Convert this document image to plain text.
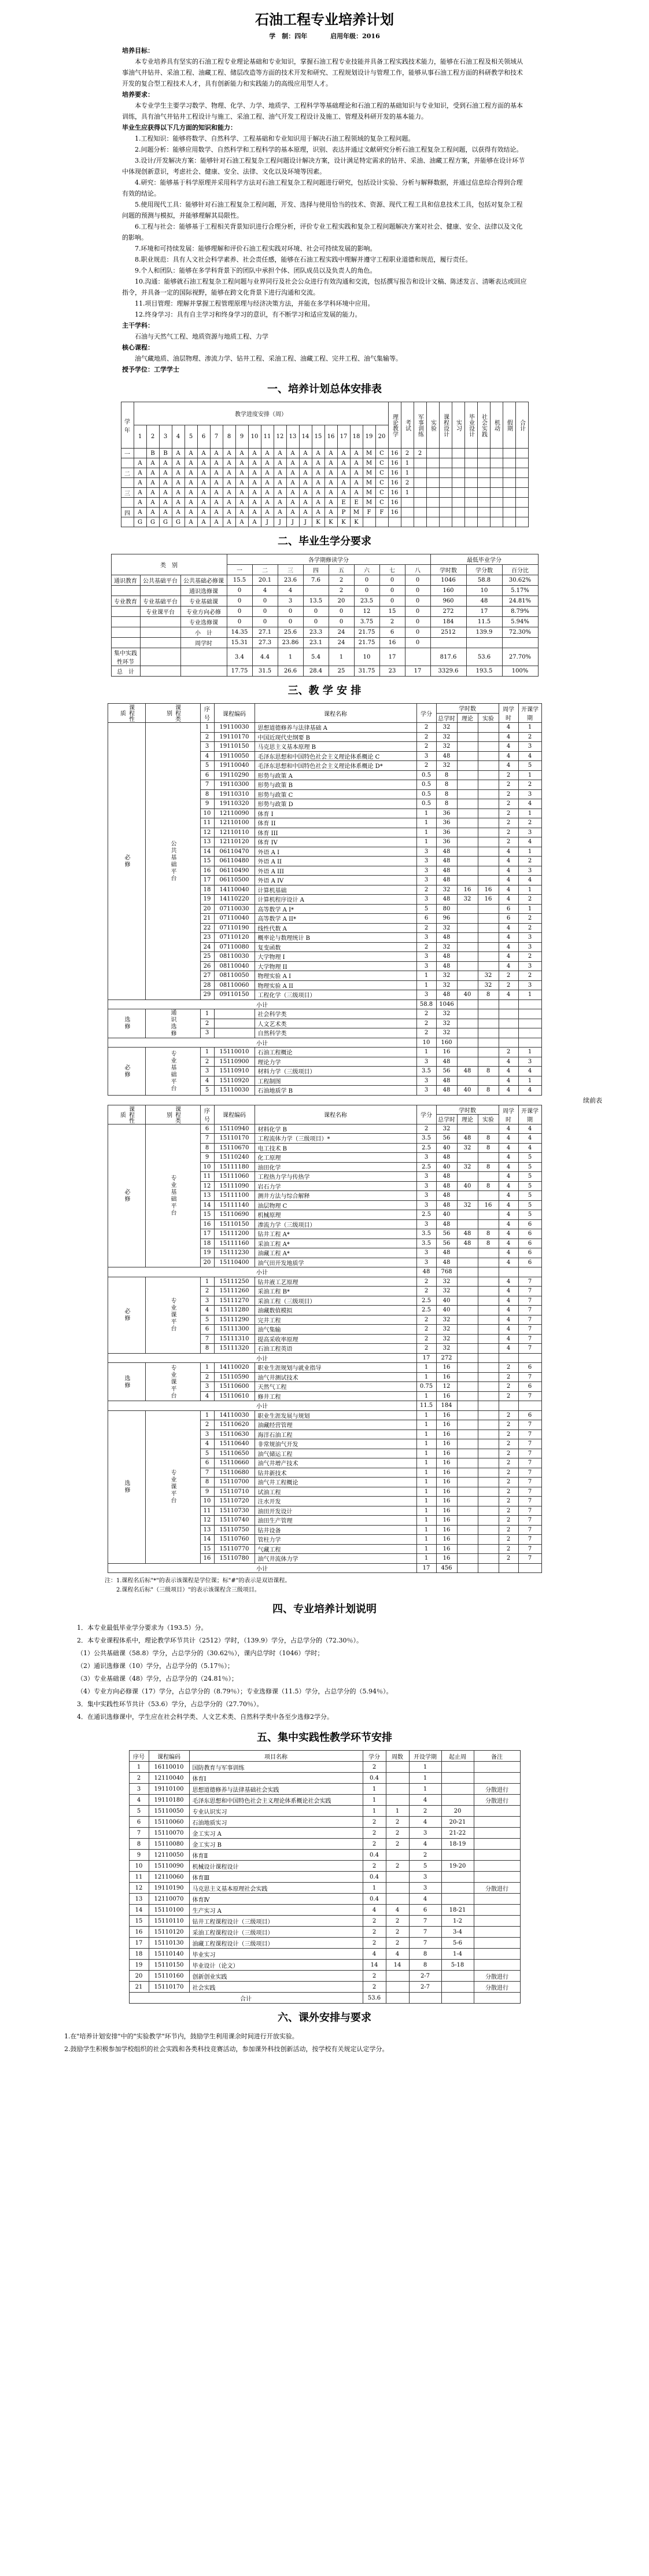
石油工程专业培养计划
学　制：四年	启用年级：2016
培养目标：

本专业培养具有坚实的石油工程专业理论基础和专业知识，掌握石油工程专业技能并具备工程实践技术能力，能够在石油工程及相关领域从事油气井钻井、采油工程、油藏工程、储层改造等方面的技术开发和研究、工程规划设计与管理工作，能够从事石油工程方面的科研教学和技术开发的复合型工程技术人才，具有创新能力和实践能力的高级应用型人才。

培养要求：

本专业学生主要学习数学、物理、化学、力学、地质学、工程科学等基础理论和石油工程的基础知识与专业知识，受到石油工程方面的基本训练，具有油气井钻井工程设计与施工、采油工程、油气开发工程设计及施工、管理及科研开发的基本能力。

毕业生应获得以下几方面的知识和能力：

1.工程知识：能够将数学、自然科学、工程基础和专业知识用于解决石油工程领域的复杂工程问题。

2.问题分析：能够应用数学、自然科学和工程科学的基本原理，识别、表达并通过文献研究分析石油工程复杂工程问题，以获得有效结论。

3.设计/开发解决方案：能够针对石油工程复杂工程问题设计解决方案，设计满足特定需求的钻井、采油、油藏工程方案，并能够在设计环节中体现创新意识，考虑社会、健康、安全、法律、文化以及环境等因素。

4.研究：能够基于科学原理并采用科学方法对石油工程复杂工程问题进行研究，包括设计实验、分析与解释数据，并通过信息综合得到合理有效的结论。

5.使用现代工具：能够针对石油工程复杂工程问题，开发、选择与使用恰当的技术、资源、现代工程工具和信息技术工具，包括对复杂工程问题的预测与模拟，并能够理解其局限性。

6.工程与社会：能够基于工程相关背景知识进行合理分析，评价专业工程实践和复杂工程问题解决方案对社会、健康、安全、法律以及文化的影响。

7.环境和可持续发展：能够理解和评价石油工程实践对环境、社会可持续发展的影响。

8.职业规范：具有人文社会科学素养、社会责任感，能够在石油工程实践中理解并遵守工程职业道德和规范，履行责任。

9.个人和团队：能够在多学科背景下的团队中承担个体、团队成员以及负责人的角色。

10.沟通：能够就石油工程复杂工程问题与业界同行及社会公众进行有效沟通和交流，包括撰写报告和设计文稿、陈述发言、清晰表达或回应指令，并具备一定的国际视野，能够在跨文化背景下进行沟通和交流。

11.项目管理：理解并掌握工程管理原理与经济决策方法，并能在多学科环境中应用。

12.终身学习：具有自主学习和终身学习的意识，有不断学习和适应发展的能力。

主干学科：

石油与天然气工程、地质资源与地质工程、力学

核心课程：

油气藏地质、油层物理、渗流力学、钻井工程、采油工程、油藏工程、完井工程、油气集输等。

授予学位：工学学士
一、培养计划总体安排表
学年	教学进度安排（周）																				理论教学	考试	军事训练	实验	课程设计	实习	毕业设计	社会实践	机动	假期	合计
	1	2	3	4	5	6	7	8	9	10	11	12	13	14	15	16	17	18	19	20											
一		B	B	A	A	A	A	A	A	A	A	A	A	A	A	A	A	A	M	C	16	2	2								
	A	A	A	A	A	A	A	A	A	A	A	A	A	A	A	A	A	A	M	C	16	1									
二	A	A	A	A	A	A	A	A	A	A	A	A	A	A	A	A	A	A	M	C	16	1									
	A	A	A	A	A	A	A	A	A	A	A	A	A	A	A	A	A	A	M	C	16	2									
三	A	A	A	A	A	A	A	A	A	A	A	A	A	A	A	A	A	A	M	C	16	1									
	A	A	A	A	A	A	A	A	A	A	A	A	A	A	A	A	E	E	M	C	16										
四	A	A	A	A	A	A	A	A	A	A	A	A	A	A	A	A	P	M	F	F	16										
	G	G	G	G	A	A	A	A	A	A	J	J	J	J	K	K	K	K													
二、毕业生学分要求
类　别			各学期修读学分								最低毕业学分		
			一	二	三	四	五	六	七	八	学时数	学分数	百分比
通识教育	公共基础平台	公共基础必修课	15.5	20.1	23.6	7.6	2	0	0	0	1046	58.8	30.62%
		通识选修课	0	4	4		2	0	0	0	160	10	5.17%
专业教育	专业基础平台	专业基础课	0	0	3	13.5	20	23.5	0	0	960	48	24.81%
	专业课平台	专业方向必修	0	0	0	0	0	12	15	0	272	17	8.79%
		专业选修课	0	0	0	0	0	3.75	2	0	184	11.5	5.94%
		小　计	14.35	27.1	25.6	23.3	24	21.75	6	0	2512	139.9	72.30%
		周学时	15.31	27.3	23.86	23.1	24	21.75	16	0			
集中实践性环节			3.4	4.4	1	5.4	1	10	17		817.6	53.6	27.70%
总　计			17.75	31.5	26.6	28.4	25	31.75	23	17	3329.6	193.5	100%
三、教 学 安 排
课程性质	课程类别	序号	课程编码	课程名称	学分	学时数			周学时	开课学期
						总学时	理论	实验		
必修	公共基础平台	1	19110030	思想道德修养与法律基础 A	2	32			4	1
		2	19110170	中国近现代史纲要 B	2	32			4	2
		3	19110150	马克思主义基本原理 B	2	32			4	3
		4	19110050	毛泽东思想和中国特色社会主义理论体系概论 C	3	48			4	4
		5	19110040	毛泽东思想和中国特色社会主义理论体系概论 D*	2	32			4	5
		6	19110290	形势与政策 A	0.5	8			2	1
		7	19110300	形势与政策 B	0.5	8			2	2
		8	19110310	形势与政策 C	0.5	8			2	3
		9	19110320	形势与政策 D	0.5	8			2	4
		10	12110090	体育 I	1	36			2	1
		11	12110100	体育 II	1	36			2	2
		12	12110110	体育 III	1	36			2	3
		13	12110120	体育 IV	1	36			2	4
		14	06110470	外语 A I	3	48			4	1
		15	06110480	外语 A II	3	48			4	2
		16	06110490	外语 A III	3	48			4	3
		17	06110500	外语 A IV	3	48			4	4
		18	14110040	计算机基础	2	32	16	16	4	1
		19	14110220	计算机程序设计 A	3	48	32	16	4	2
		20	07110030	高等数学 A I*	5	80			6	1
		21	07110040	高等数学 A II*	6	96			6	2
		22	07110190	线性代数 A	2	32			4	2
		23	07110120	概率论与数理统计 B	3	48			4	3
		24	07110080	复变函数	2	32			4	3
		25	08110030	大学物理 I	3	48			4	2
		26	08110040	大学物理 II	3	48			4	3
		27	08110050	物理实验 A I	1	32		32	2	2
		28	08110060	物理实验 A II	1	32		32	2	3
		29	09110150	工程化学（三级项目）	3	48	40	8	4	1
小计					58.8	1046				
选修	通识选修	1		社会科学类	2	32				
		2		人文艺术类	2	32				
		3		自然科学类	2	32				
小计					10	160				
必修	专业基础平台	1	15110010	石油工程概论	1	16			2	1
		2	15110900	理论力学	3	48			4	3
		3	15110910	材料力学（三级项目）	3.5	56	48	8	4	4
		4	15110920	工程制图	3	48			4	1
		5	15110030	石油地质学 B	3	48	40	8	4	4
续前表
课程性质	课程类别	序号	课程编码	课程名称	学分	学时数			周学时	开课学期
						总学时	理论	实验		
必修	专业基础平台	6	15110940	材料化学 B	2	32			4	4
		7	15110170	工程流体力学（三级项目）*	3.5	56	48	8	4	4
		8	15110670	电工技术 B	2.5	40	32	8	4	4
		9	15110240	化工原理	3	48			4	5
		10	15111180	油田化学	2.5	40	32	8	4	5
		11	15111060	工程热力学与传热学	3	48			4	5
		12	15111090	岩石力学	3	48	40	8	4	5
		13	15111100	测井方法与综合解释	3	48			4	5
		14	15111140	油层物理 C	3	48	32	16	4	5
		15	15110690	机械原理	2.5	40			4	5
		16	15110150	渗流力学（三级项目）	3	48			4	6
		17	15111200	钻井工程 A*	3.5	56	48	8	4	6
		18	15111160	采油工程 A*	3.5	56	48	8	4	6
		19	15111230	油藏工程 A*	3	48			4	6
		20	15110400	油气田开发地质学	3	48			4	6
小计					48	768				
必修	专业课平台	1	15111250	钻井液工艺原理	2	32			4	7
		2	15111260	采油工程 B*	2	32			4	7
		3	15111270	采油工程（三级项目）	2.5	40			4	7
		4	15111280	油藏数值模拟	2.5	40			4	7
		5	15111290	完井工程	2	32			4	7
		6	15111300	油气集输	2	32			4	7
		7	15111310	提高采收率原理	2	32			4	7
		8	15111320	石油工程英语	2	32			4	7
小计					17	272				
选修	专业课平台	1	14110020	职业生涯规划与就业指导	1	16			2	6
		2	15110590	油气井测试技术	1	16			2	7
		3	15110600	天然气工程	0.75	12			2	6
		4	15110610	修井工程	1	16			2	7
小计					11.5	184				
选修	专业课平台	1	14110030	职业生涯发展与规划	1	16			2	6
		2	15110620	油藏经营管理	1	16			2	7
		3	15110630	海洋石油工程	1	16			2	7
		4	15110640	非常规油气开发	1	16			2	7
		5	15110650	油气储运工程	1	16			2	7
		6	15110660	油气井增产技术	1	16			2	7
		7	15110680	钻井新技术	1	16			2	7
		8	15110700	油气井工程概论	1	16			2	7
		9	15110710	试油工程	1	16			2	7
		10	15110720	注水开发	1	16			2	7
		11	15110730	油田开发设计	1	16			2	7
		12	15110740	油田生产管理	1	16			2	7
		13	15110750	钻井设备	1	16			2	7
		14	15110760	管柱力学	1	16			2	7
		15	15110770	气藏工程	1	16			2	7
		16	15110780	油气井流体力学	1	16			2	7
小计					17	456				
注：1.课程名后标"*"的表示该课程是学位课；标"#"的表示是双语课程。
　　2.课程名后标"（三级项目）"的表示该课程含三级项目。
四、专业培养计划说明

1．本专业最低毕业学分要求为（193.5）分。

2．本专业课程体系中，理论教学环节共计（2512）学时，（139.9）学分，占总学分的（72.30％）。

（1）公共基础课（58.8）学分，占总学分的（30.62％），课内总学时（1046）学时；

（2）通识选修课（10）学分，占总学分的（5.17％）；

（3）专业基础课（48）学分，占总学分的（24.81％）；

（4）专业方向必修课（17）学分，占总学分的（8.79％）；专业选修课（11.5）学分，占总学分的（5.94％）。

3．集中实践性环节共计（53.6）学分，占总学分的（27.70％）。

4．在通识选修课中，学生应在社会科学类、人文艺术类、自然科学类中各至少选修2学分。

五、集中实践性教学环节安排
序号	课程编码	项目名称	学分	周数	开设学期	起止周	备注
1	16110010	国防教育与军事训练	2		1		
2	12110040	体育Ⅰ	0.4		1		
3	19110100	思想道德修养与法律基础社会实践	1		1		分散进行
4	19110180	毛泽东思想和中国特色社会主义理论体系概论社会实践	1		4		分散进行
5	15110050	专业认识实习	1	1	2	20	
6	15110060	石油地质实习	2	2	4	20-21	
7	15110070	金工实习 A	2	2	3	21-22	
8	15110080	金工实习 B	2	2	4	18-19	
9	12110050	体育Ⅱ	0.4		2		
10	15110090	机械设计课程设计	2	2	5	19-20	
11	12110060	体育Ⅲ	0.4		3		
12	19110190	马克思主义基本原理社会实践	1		3		分散进行
13	12110070	体育Ⅳ	0.4		4		
14	15110100	生产实习 A	4	4	6	18-21	
15	15110110	钻井工程课程设计（三级项目）	2	2	7	1-2	
16	15110120	采油工程课程设计（三级项目）	2	2	7	3-4	
17	15110130	油藏工程课程设计（三级项目）	2	2	7	5-6	
18	15110140	毕业实习	4	4	8	1-4	
19	15110150	毕业设计（论文）	14	14	8	5-18	
20	15110160	创新创业实践	2		2-7		分散进行
21	15110170	社会实践	2		2-7		分散进行
合计			53.6				
六、课外安排与要求

1.在"培养计划安排"中的"实验教学"环节内，鼓励学生利用课余时间进行开放实验。

2.鼓励学生积极参加学校组织的社会实践和各类科技竞赛活动，参加课外科技创新活动，按学校有关规定认定学分。
